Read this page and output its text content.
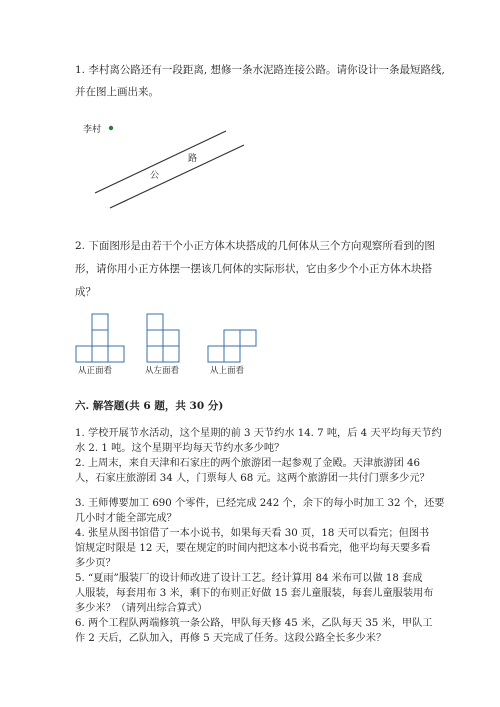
1. 李村离公路还有一段距离, 想修一条水泥路连接公路。请你设计一条最短路线,
并在图上画出来。
李村
公
路
2. 下面图形是由若干个小正方体木块搭成的几何体从三个方向观察所看到的图
形，请你用小正方体摆一摆该几何体的实际形状，它由多少个小正方体木块搭
成？
从正面看	从左面看	从上面看
六. 解答题(共 6 题，共 30 分)
1. 学校开展节水活动，这个星期的前 3 天节约水 14. 7 吨，后 4 天平均每天节约
水 2. 1 吨。这个星期平均每天节约水多少吨？
2. 上周末，来自天津和石家庄的两个旅游团一起参观了金殿。天津旅游团 46
人，石家庄旅游团 34 人，门票每人 68 元。这两个旅游团一共付门票多少元？
3. 王师傅要加工 690 个零件，已经完成 242 个，余下的每小时加工 32 个，还要
几小时才能全部完成？
4. 张星从图书馆借了一本小说书，如果每天看 30 页，18 天可以看完；但图书
馆规定时限是 12 天，要在规定的时间内把这本小说书看完，他平均每天要多看
多少页？
5. “夏雨”服装厂的设计师改进了设计工艺。经计算用 84 米布可以做 18 套成
人服装，每套用布 3 米，剩下的布则正好做 15 套儿童服装，每套儿童服装用布
多少米？（请列出综合算式）
6. 两个工程队两端修筑一条公路，甲队每天修 45 米，乙队每天 35 米，甲队工
作 2 天后，乙队加入，再修 5 天完成了任务。这段公路全长多少米？
